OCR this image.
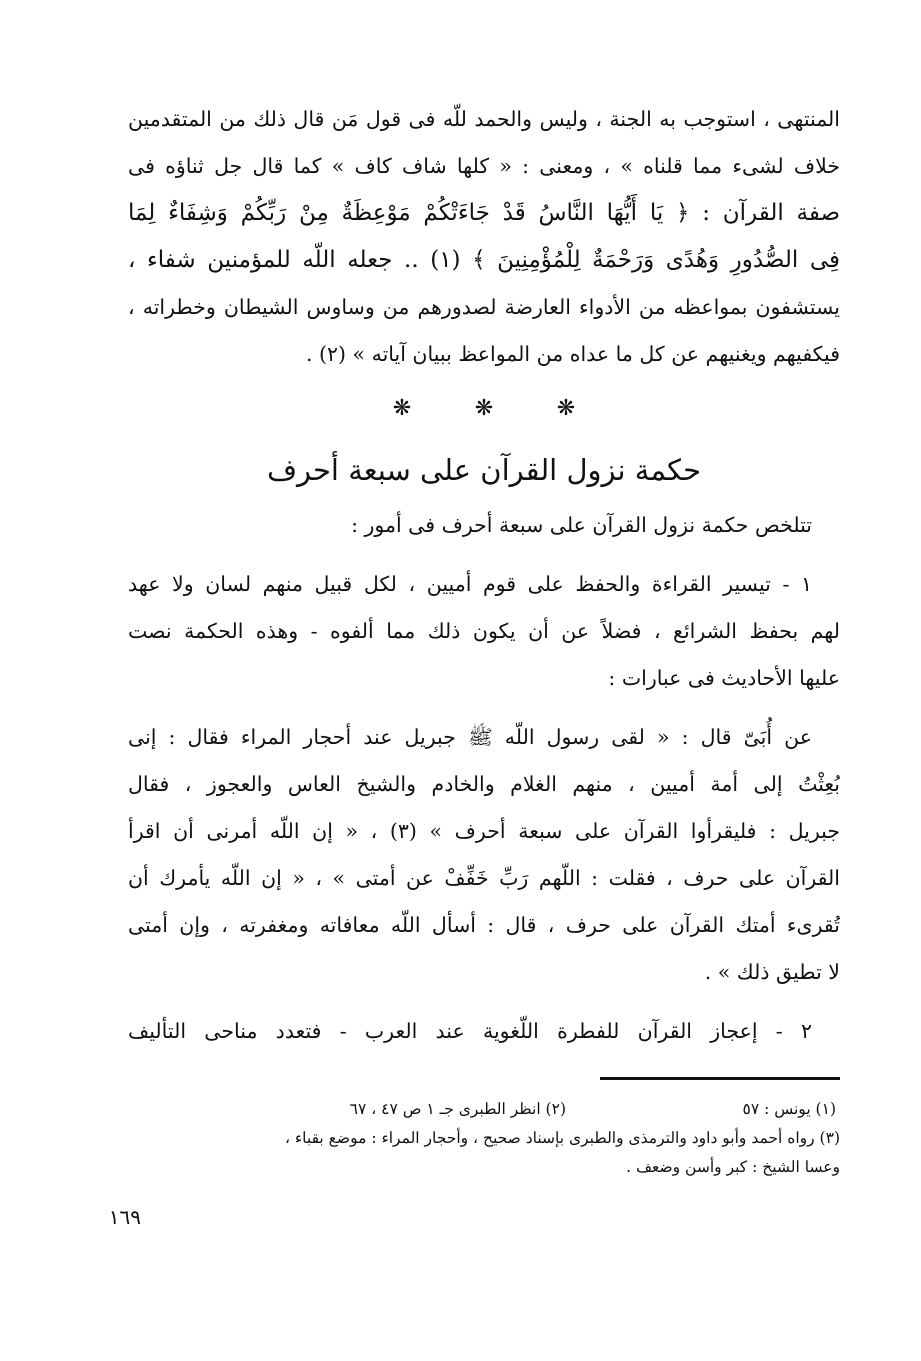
المنتهى ، استوجب به الجنة ، وليس والحمد للّه فى قول مَن قال ذلك من المتقدمين
خلاف لشىء مما قلناه » ، ومعنى : « كلها شاف كاف » كما قال جل ثناؤه فى
صفة القرآن : ﴿ يَا أَيُّهَا النَّاسُ قَدْ جَاءَتْكُمْ مَوْعِظَةٌ مِنْ رَبِّكُمْ وَشِفَاءٌ لِمَا
فِى الصُّدُورِ وَهُدًى وَرَحْمَةٌ لِلْمُؤْمِنِينَ ﴾ (١) .. جعله اللّه للمؤمنين شفاء ،
يستشفون بمواعظه من الأدواء العارضة لصدورهم من وساوس الشيطان وخطراته ،
فيكفيهم ويغنيهم عن كل ما عداه من المواعظ ببيان آياته » (٢) .
❋	❋	❋
حكمة نزول القرآن على سبعة أحرف
تتلخص حكمة نزول القرآن على سبعة أحرف فى أمور :
١ - تيسير القراءة والحفظ على قوم أميين ، لكل قبيل منهم لسان ولا عهد
لهم بحفظ الشرائع ، فضلاً عن أن يكون ذلك مما ألفوه - وهذه الحكمة نصت
عليها الأحاديث فى عبارات :
عن أُبَىّ قال : « لقى رسول اللّه ﷺ جبريل عند أحجار المراء فقال : إنى
بُعِثْتُ إلى أمة أميين ، منهم الغلام والخادم والشيخ العاس والعجوز ، فقال
جبريل : فليقرأوا القرآن على سبعة أحرف » (٣) ، « إن اللّه أمرنى أن اقرأ
القرآن على حرف ، فقلت : اللّهم رَبِّ خَفِّفْ عن أمتى » ، « إن اللّه يأمرك أن
تُقرىء أمتك القرآن على حرف ، قال : أسأل اللّه معافاته ومغفرته ، وإن أمتى
لا تطيق ذلك » .
٢ - إعجاز القرآن للفطرة اللّغوية عند العرب - فتعدد مناحى التأليف
(١) يونس : ٥٧
(٢) انظر الطبرى جـ ١ ص ٤٧ ، ٦٧
(٣) رواه أحمد وأبو داود والترمذى والطبرى بإسناد صحيح ، وأحجار المراء : موضع بقباء ،
وعسا الشيخ : كبر وأسن وضعف .
١٦٩
